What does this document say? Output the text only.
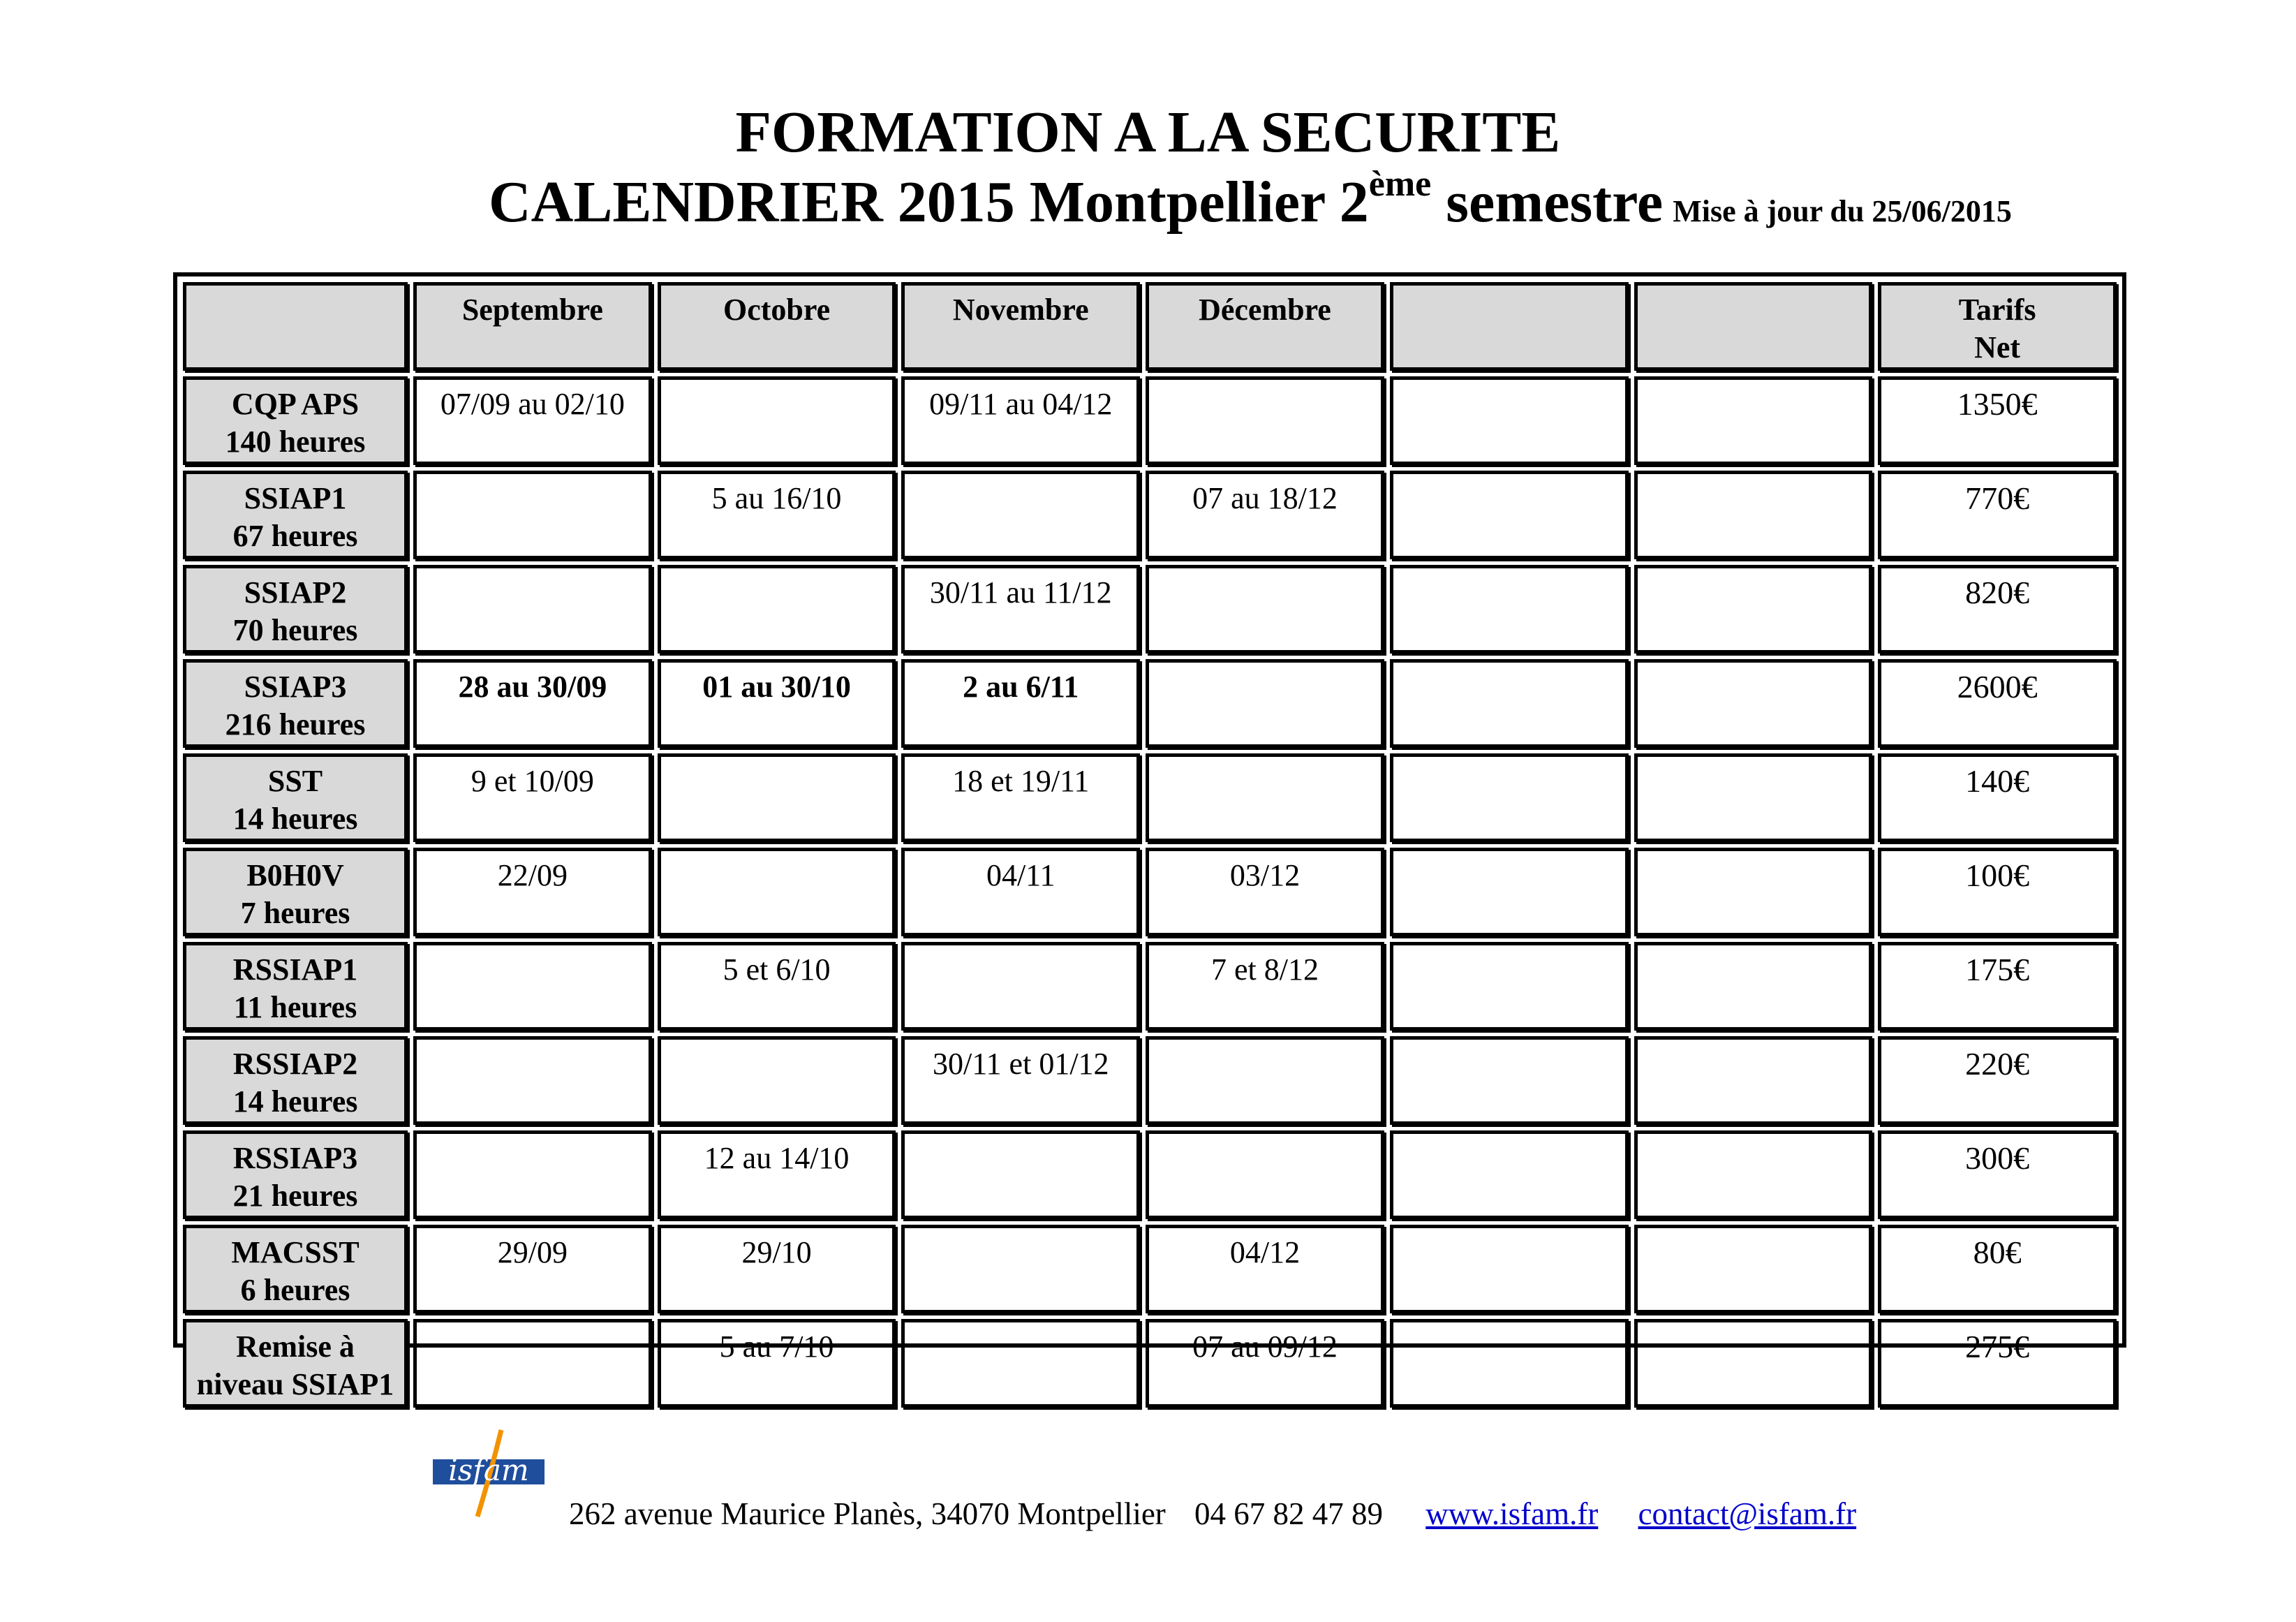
FORMATION A LA SECURITE
CALENDRIER 2015 Montpellier 2ème semestre Mise à jour du 25/06/2015
	Septembre	Octobre	Novembre	Décembre			Tarifs
Net

CQP APS
140 heures	07/09 au 02/10		09/11 au 04/12				1350€

SSIAP1
67 heures		5 au 16/10		07 au 18/12			770€

SSIAP2
70 heures			30/11 au 11/12				820€

SSIAP3
216 heures	28 au 30/09	01 au 30/10	2 au 6/11				2600€

SST
14 heures	9 et 10/09		18 et 19/11				140€

B0H0V
7 heures	22/09		04/11	03/12			100€

RSSIAP1
11 heures		5 et 6/10		7 et 8/12			175€

RSSIAP2
14 heures			30/11 et 01/12				220€

RSSIAP3
21 heures		12 au 14/10					300€

MACSST
6 heures	29/09	29/10		04/12			80€

Remise à
niveau SSIAP1		5 au 7/10		07 au 09/12			275€
isfam
262 avenue Maurice Planès, 34070 Montpellier 04 67 82 47 89 www.isfam.fr contact@isfam.fr
